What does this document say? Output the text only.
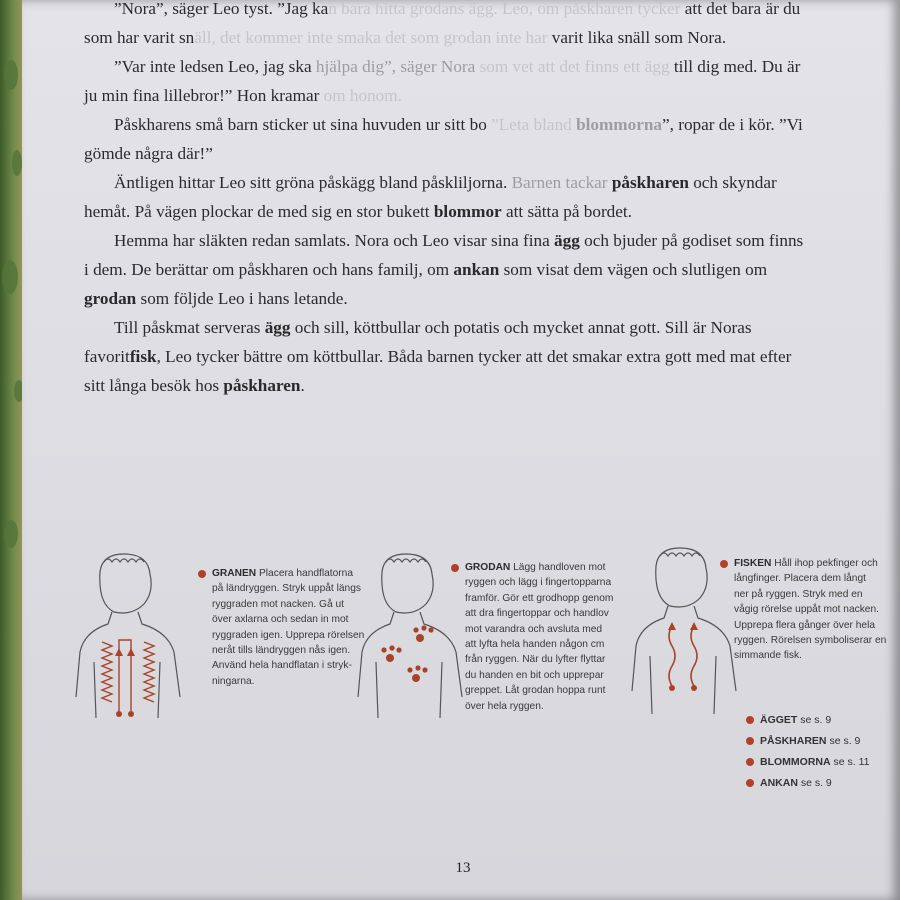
”Nora”, säger Leo tyst. ”Jag kan bara hitta grodans ägg. Leo, om påskharen tycker att det bara är du som har varit snäll, det kommer inte smaka det som grodan inte har varit lika snäll som Nora.

”Var inte ledsen Leo, jag ska hjälpa dig”, säger Nora som vet att det finns ett ägg till dig med. Du är ju min fina lillebror!” Hon kramar om honom.

Påskharens små barn sticker ut sina huvuden ur sitt bo ”Leta bland blommorna”, ropar de i kör. ”Vi gömde några där!”

Äntligen hittar Leo sitt gröna påskägg bland påskliljorna. Barnen tackar påskharen och skyndar hemåt. På vägen plockar de med sig en stor bukett blommor att sätta på bordet.

Hemma har släkten redan samlats. Nora och Leo visar sina fina ägg och bjuder på godiset som finns i dem. De berättar om påskharen och hans familj, om ankan som visat dem vägen och slutligen om grodan som följde Leo i hans letande.

Till påskmat serveras ägg och sill, köttbullar och potatis och mycket annat gott. Sill är Noras favoritfisk, Leo tycker bättre om köttbullar. Båda barnen tycker att det smakar extra gott med mat efter sitt långa besök hos påskharen.

GRANEN Placera handflatorna
på ländryggen. Stryk uppåt längs
ryggraden mot nacken. Gå ut
över axlarna och sedan in mot
ryggraden igen. Upprepa rörelsen
neråt tills ländryggen nås igen.
Använd hela handflatan i stryk-
ningarna.
GRODAN Lägg handloven mot
ryggen och lägg i fingertopparna
framför. Gör ett grodhopp genom
att dra fingertoppar och handlov
mot varandra och avsluta med
att lyfta hela handen någon cm
från ryggen. När du lyfter flyttar
du handen en bit och upprepar
greppet. Låt grodan hoppa runt
över hela ryggen.
FISKEN Håll ihop pekfinger och
långfinger. Placera dem långt
ner på ryggen. Stryk med en
vågig rörelse uppåt mot nacken.
Upprepa flera gånger över hela
ryggen. Rörelsen symboliserar en
simmande fisk.
ÄGGET se s. 9
PÅSKHAREN se s. 9
BLOMMORNA se s. 11
ANKAN se s. 9
13
